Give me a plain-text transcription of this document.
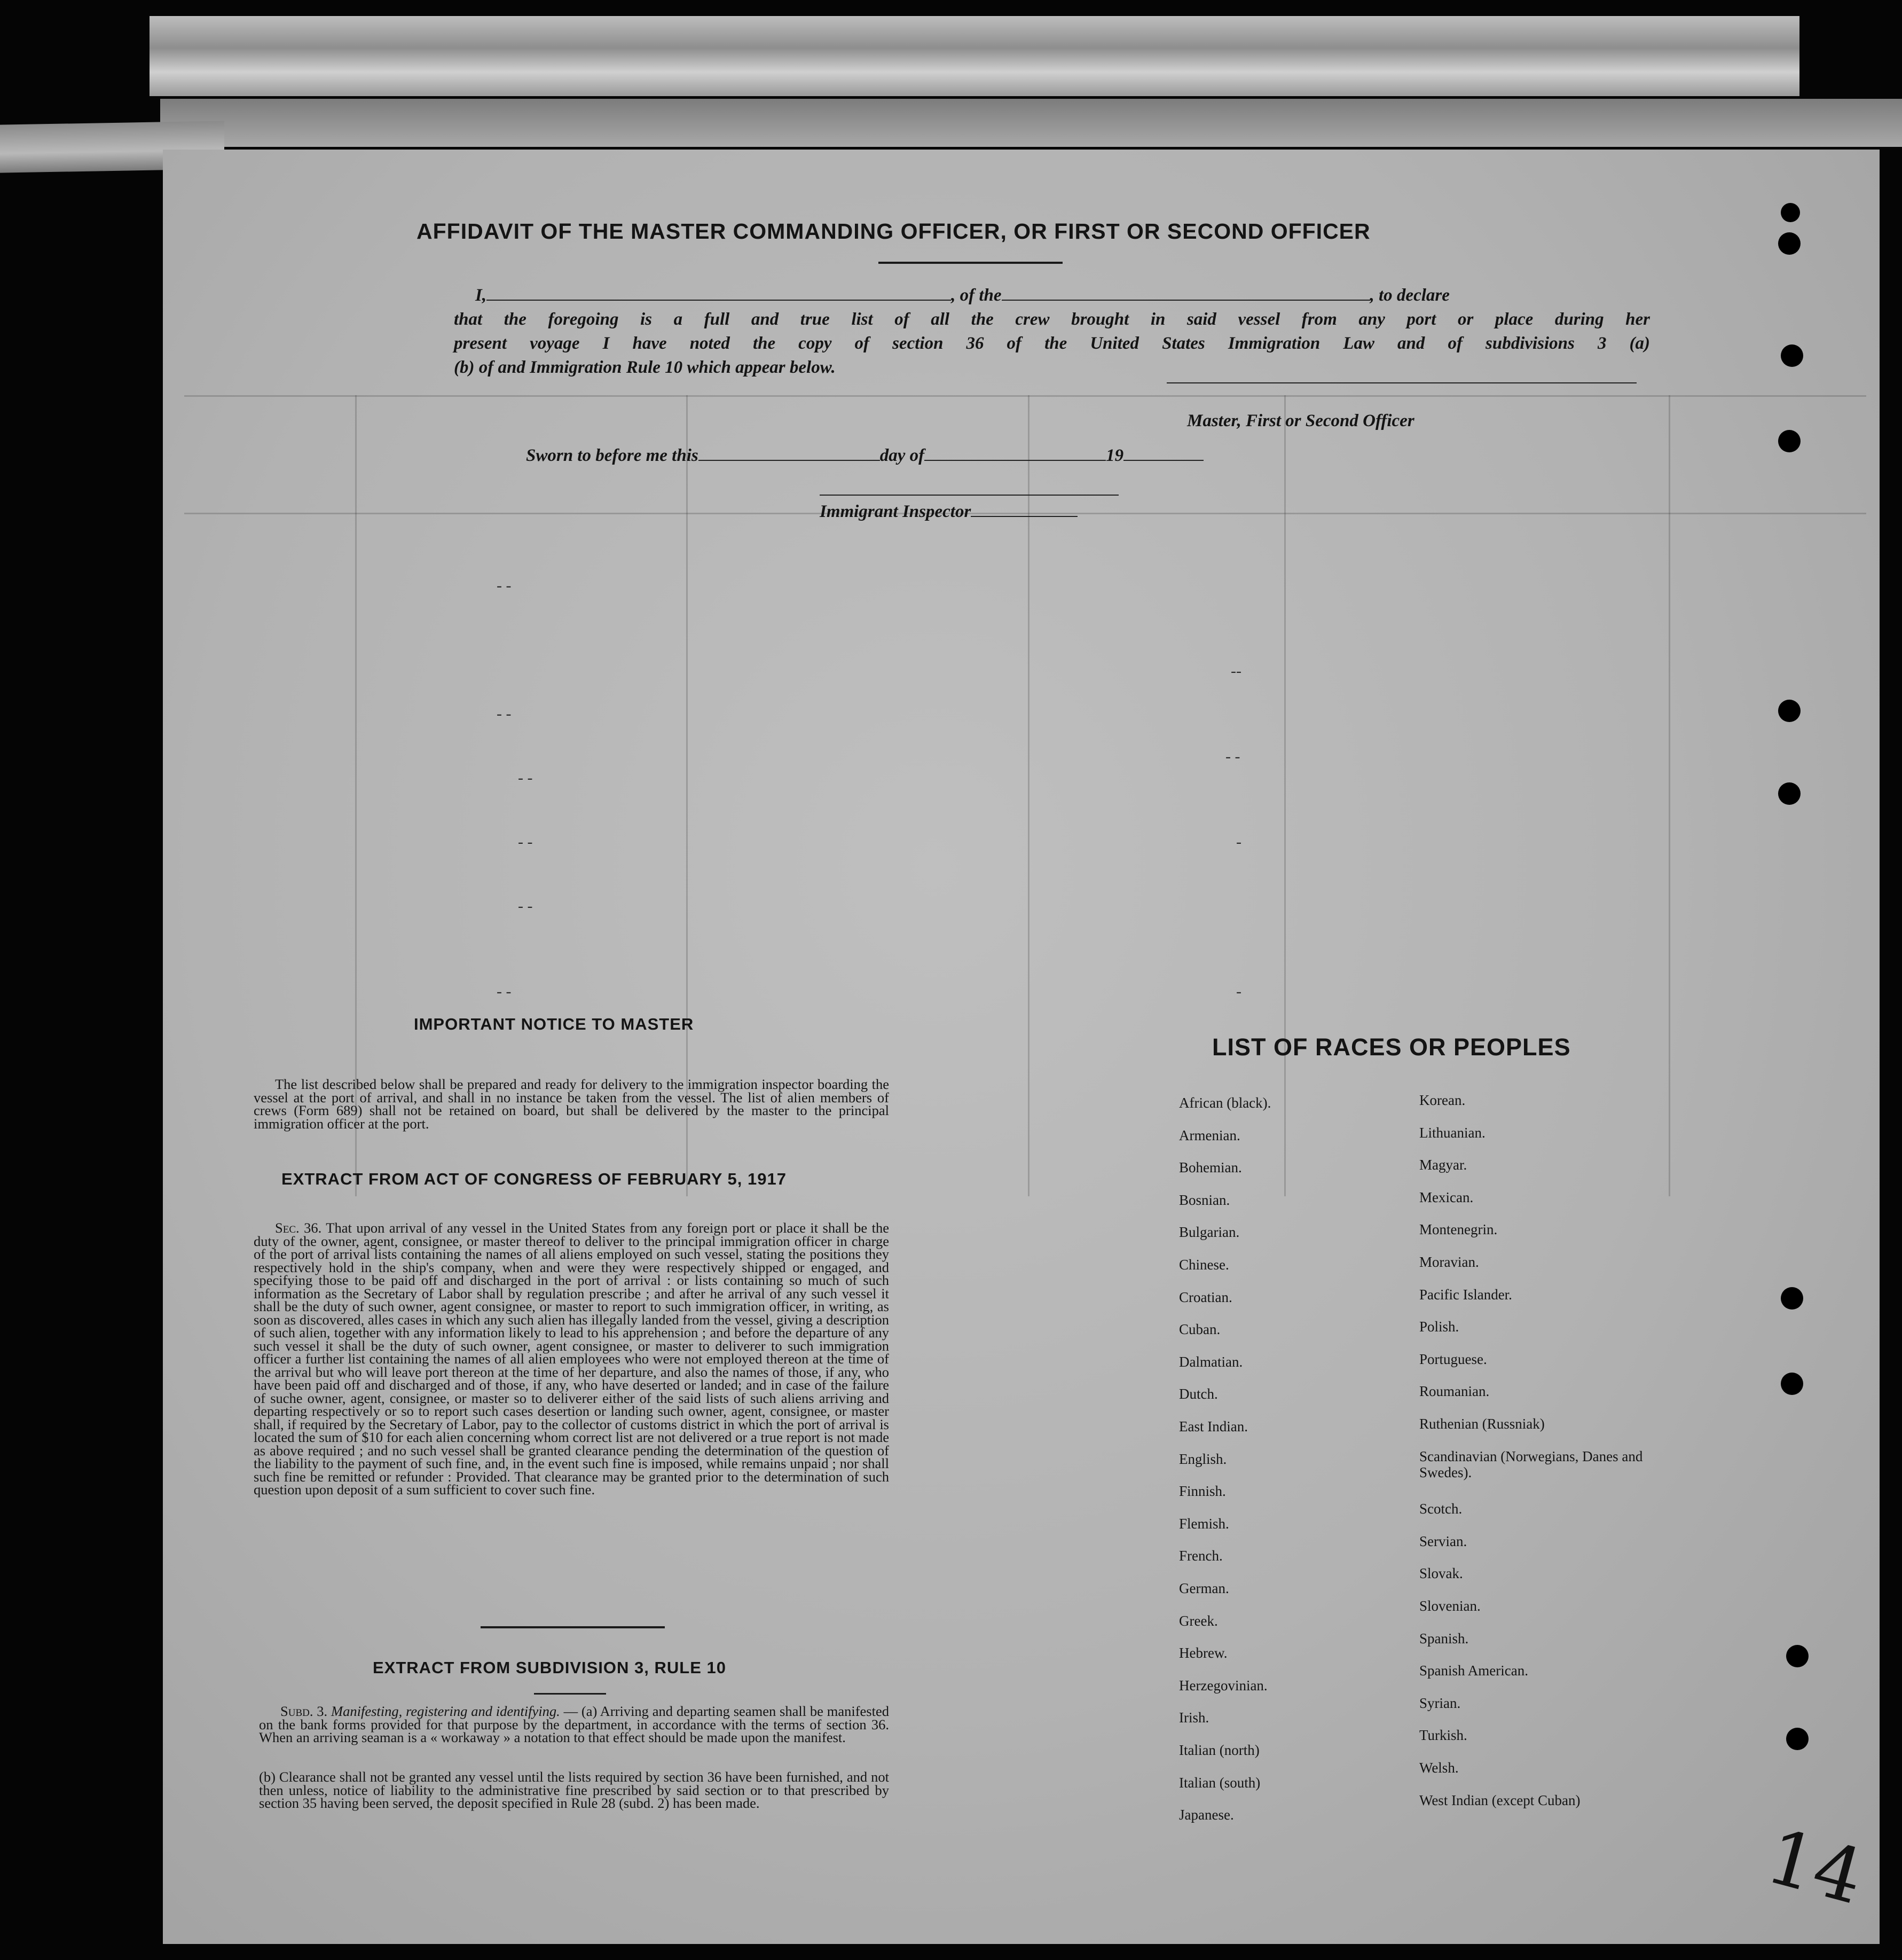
AFFIDAVIT OF THE MASTER COMMANDING OFFICER, OR FIRST OR SECOND OFFICER
I,	, of the	, to declare
that the foregoing is a full and true list of all the crew brought in said vessel from any port or place during her
present voyage I have noted the copy of section 36 of the United States Immigration Law and of subdivisions 3 (a)
(b) of and Immigration Rule 10 which appear below.
Master, First or Second Officer
Sworn to before me this	day of	19
Immigrant Inspector
- -
- -
- -
- -
- -
- -
--
- -
-
-
IMPORTANT NOTICE TO MASTER
The list described below shall be prepared and ready for delivery to the immigration inspector boarding the vessel at the port of arrival, and shall in no instance be taken from the vessel. The list of alien members of crews (Form 689) shall not be retained on board, but shall be delivered by the master to the principal immigration officer at the port.
EXTRACT FROM ACT OF CONGRESS OF FEBRUARY 5, 1917
Sec. 36. That upon arrival of any vessel in the United States from any foreign port or place it shall be the duty of the owner, agent, consignee, or master thereof to deliver to the principal immigration officer in charge of the port of arrival lists containing the names of all aliens employed on such vessel, stating the positions they respectively hold in the ship's company, when and were they were respectively shipped or engaged, and specifying those to be paid off and discharged in the port of arrival : or lists containing so much of such information as the Secretary of Labor shall by regulation prescribe ; and after he arrival of any such vessel it shall be the duty of such owner, agent consignee, or master to report to such immigration officer, in writing, as soon as discovered, alles cases in which any such alien has illegally landed from the vessel, giving a description of such alien, together with any information likely to lead to his apprehension ; and before the departure of any such vessel it shall be the duty of such owner, agent consignee, or master to deliverer to such immigration officer a further list containing the names of all alien employees who were not employed thereon at the time of the arrival but who will leave port thereon at the time of her departure, and also the names of those, if any, who have been paid off and discharged and of those, if any, who have deserted or landed; and in case of the failure of suche owner, agent, consignee, or master so to deliverer either of the said lists of such aliens arriving and departing respectively or so to report such cases desertion or landing such owner, agent, consignee, or master shall, if required by the Secretary of Labor, pay to the collector of customs district in which the port of arrival is located the sum of $10 for each alien concerning whom correct list are not delivered or a true report is not made as above required ; and no such vessel shall be granted clearance pending the determination of the question of the liability to the payment of such fine, and, in the event such fine is imposed, while remains unpaid ; nor shall such fine be remitted or refunder : Provided. That clearance may be granted prior to the determination of such question upon deposit of a sum sufficient to cover such fine.
EXTRACT FROM SUBDIVISION 3, RULE 10
Subd. 3. Manifesting, registering and identifying. — (a) Arriving and departing seamen shall be manifested on the bank forms provided for that purpose by the department, in accordance with the terms of section 36. When an arriving seaman is a « workaway » a notation to that effect should be made upon the manifest.
(b) Clearance shall not be granted any vessel until the lists required by section 36 have been furnished, and not then unless, notice of liability to the administrative fine prescribed by said section or to that prescribed by section 35 having been served, the deposit specified in Rule 28 (subd. 2) has been made.
LIST OF RACES OR PEOPLES
African (black).
Armenian.
Bohemian.
Bosnian.
Bulgarian.
Chinese.
Croatian.
Cuban.
Dalmatian.
Dutch.
East Indian.
English.
Finnish.
Flemish.
French.
German.
Greek.
Hebrew.
Herzegovinian.
Irish.
Italian (north)
Italian (south)
Japanese.
Korean.
Lithuanian.
Magyar.
Mexican.
Montenegrin.
Moravian.
Pacific Islander.
Polish.
Portuguese.
Roumanian.
Ruthenian (Russniak)
Scandinavian (Norwegians, Danes and Swedes).
Scotch.
Servian.
Slovak.
Slovenian.
Spanish.
Spanish American.
Syrian.
Turkish.
Welsh.
West Indian (except Cuban)
14
